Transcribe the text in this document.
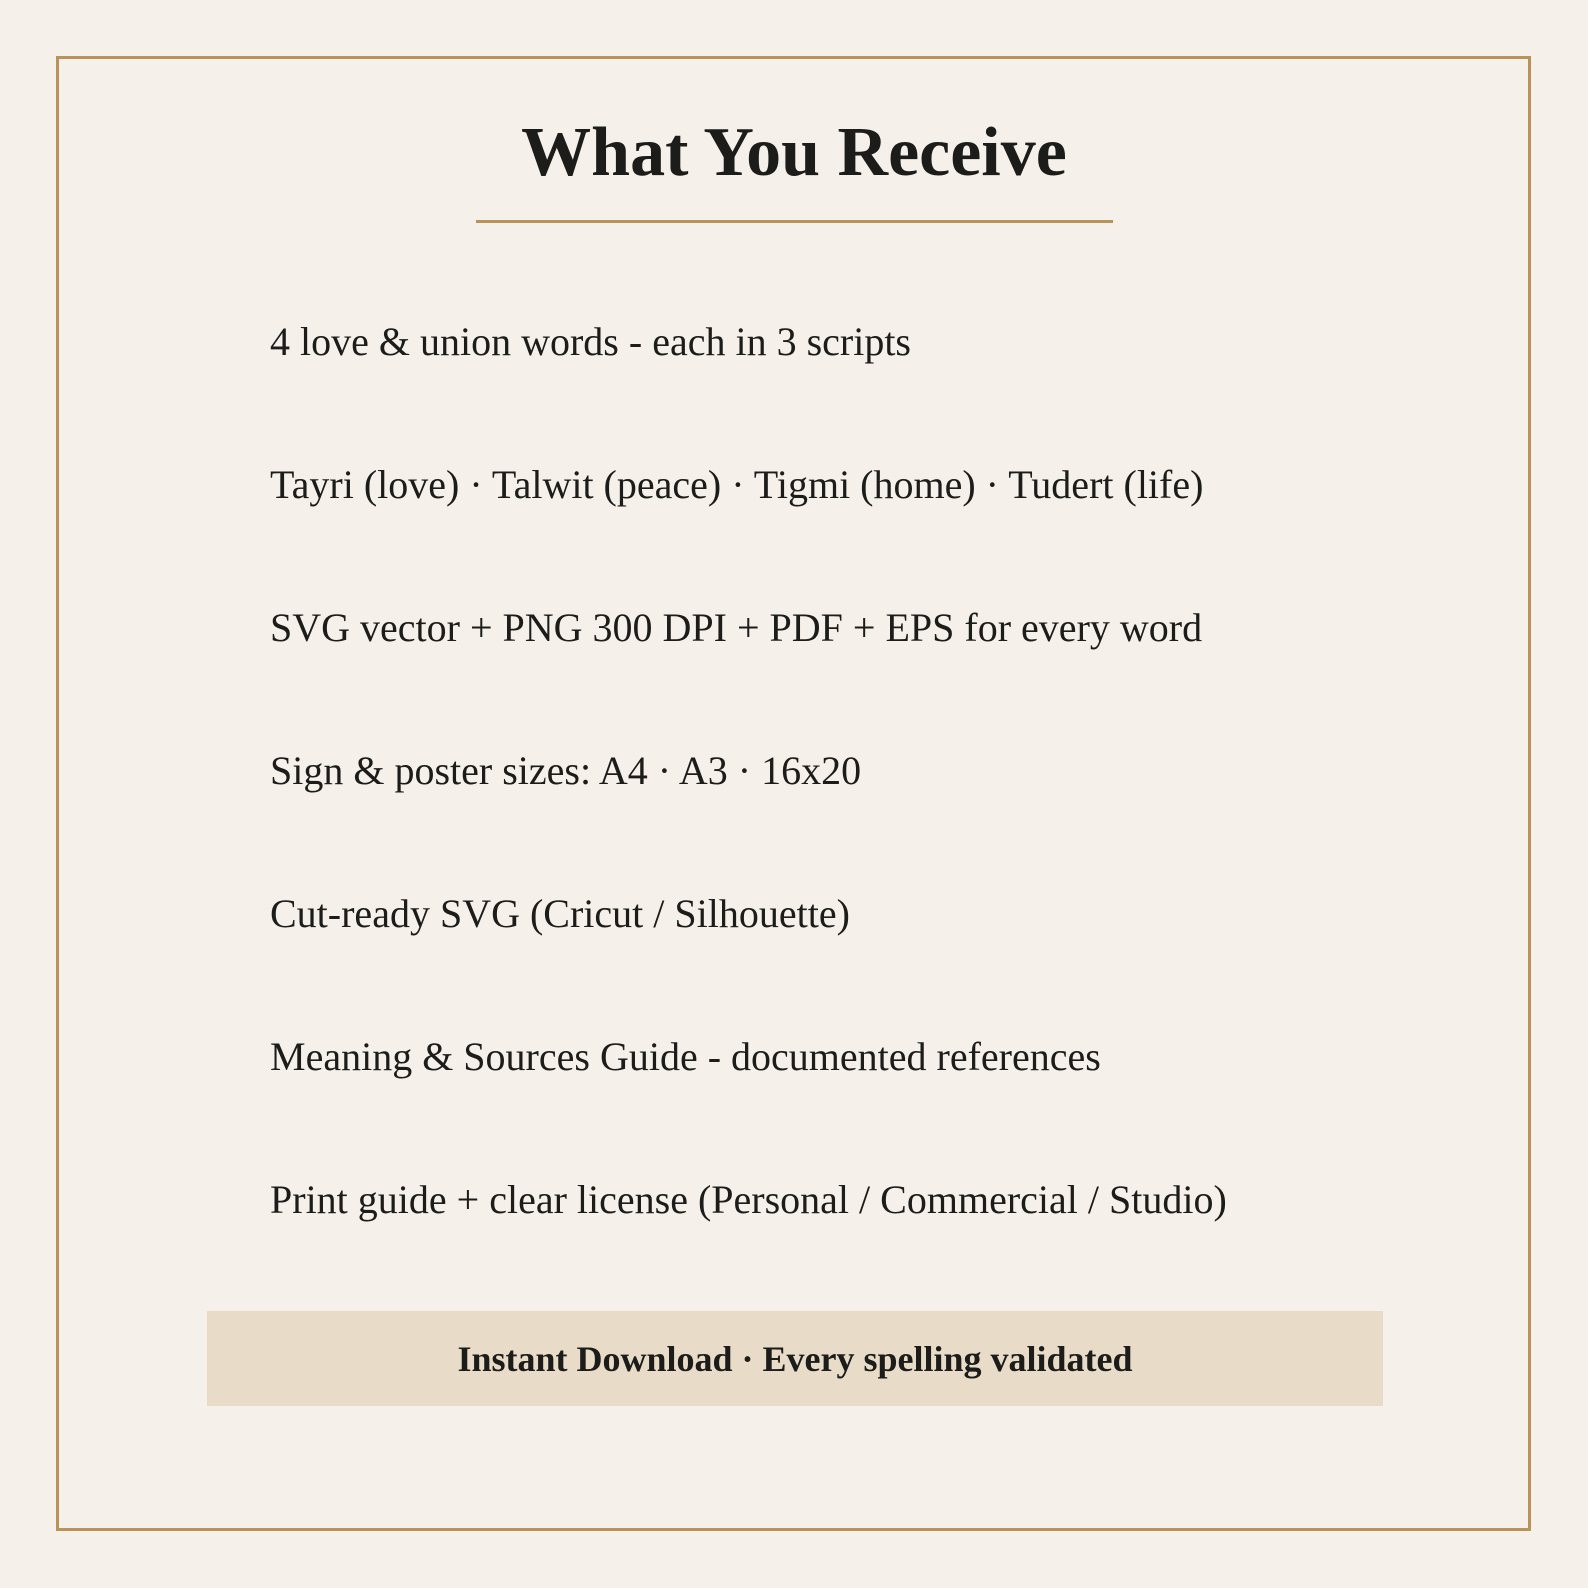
What You Receive
4 love & union words - each in 3 scripts
Tayri (love) · Talwit (peace) · Tigmi (home) · Tudert (life)
SVG vector + PNG 300 DPI + PDF + EPS for every word
Sign & poster sizes: A4 · A3 · 16x20
Cut-ready SVG (Cricut / Silhouette)
Meaning & Sources Guide - documented references
Print guide + clear license (Personal / Commercial / Studio)
Instant Download · Every spelling validated
